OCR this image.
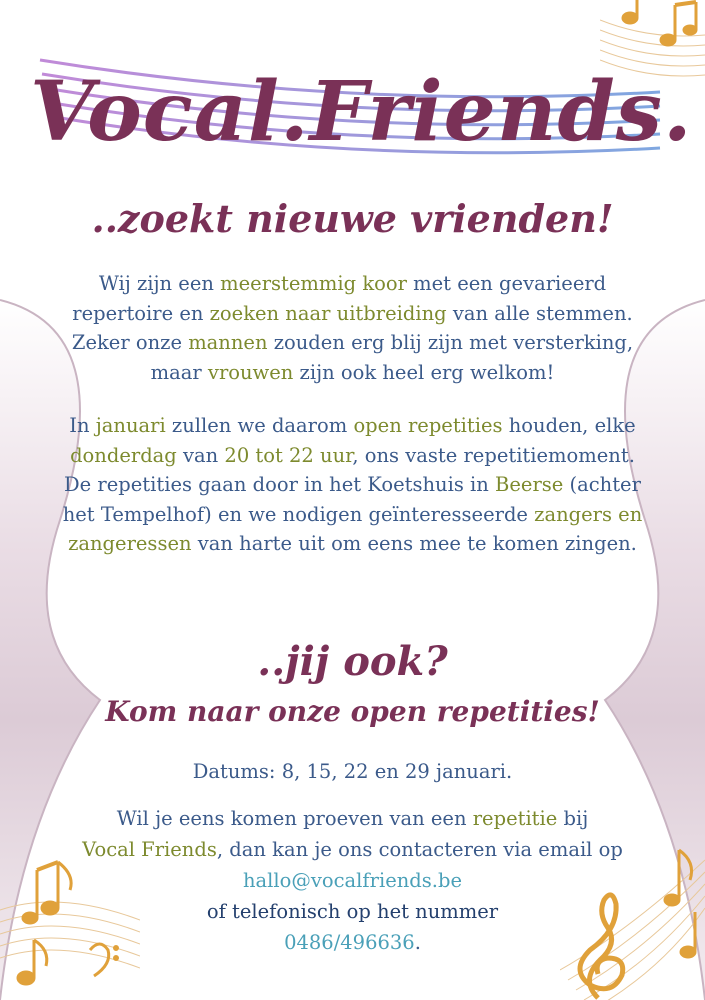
Vocal.Friends.
..zoekt nieuwe vrienden!
Wij zijn een meerstemmig koor met een gevarieerd repertoire en zoeken naar uitbreiding van alle stemmen. Zeker onze mannen zouden erg blij zijn met versterking, maar vrouwen zijn ook heel erg welkom!
In januari zullen we daarom open repetities houden, elke donderdag van 20 tot 22 uur, ons vaste repetitiemoment. De repetities gaan door in het Koetshuis in Beerse (achter het Tempelhof) en we nodigen geïnteresseerde zangers en zangeressen van harte uit om eens mee te komen zingen.
..jij ook?
Kom naar onze open repetities!
Datums: 8, 15, 22 en 29 januari.
Wil je eens komen proeven van een repetitie bij
Vocal Friends, dan kan je ons contacteren via email op
hallo@vocalfriends.be
of telefonisch op het nummer
0486/496636.
